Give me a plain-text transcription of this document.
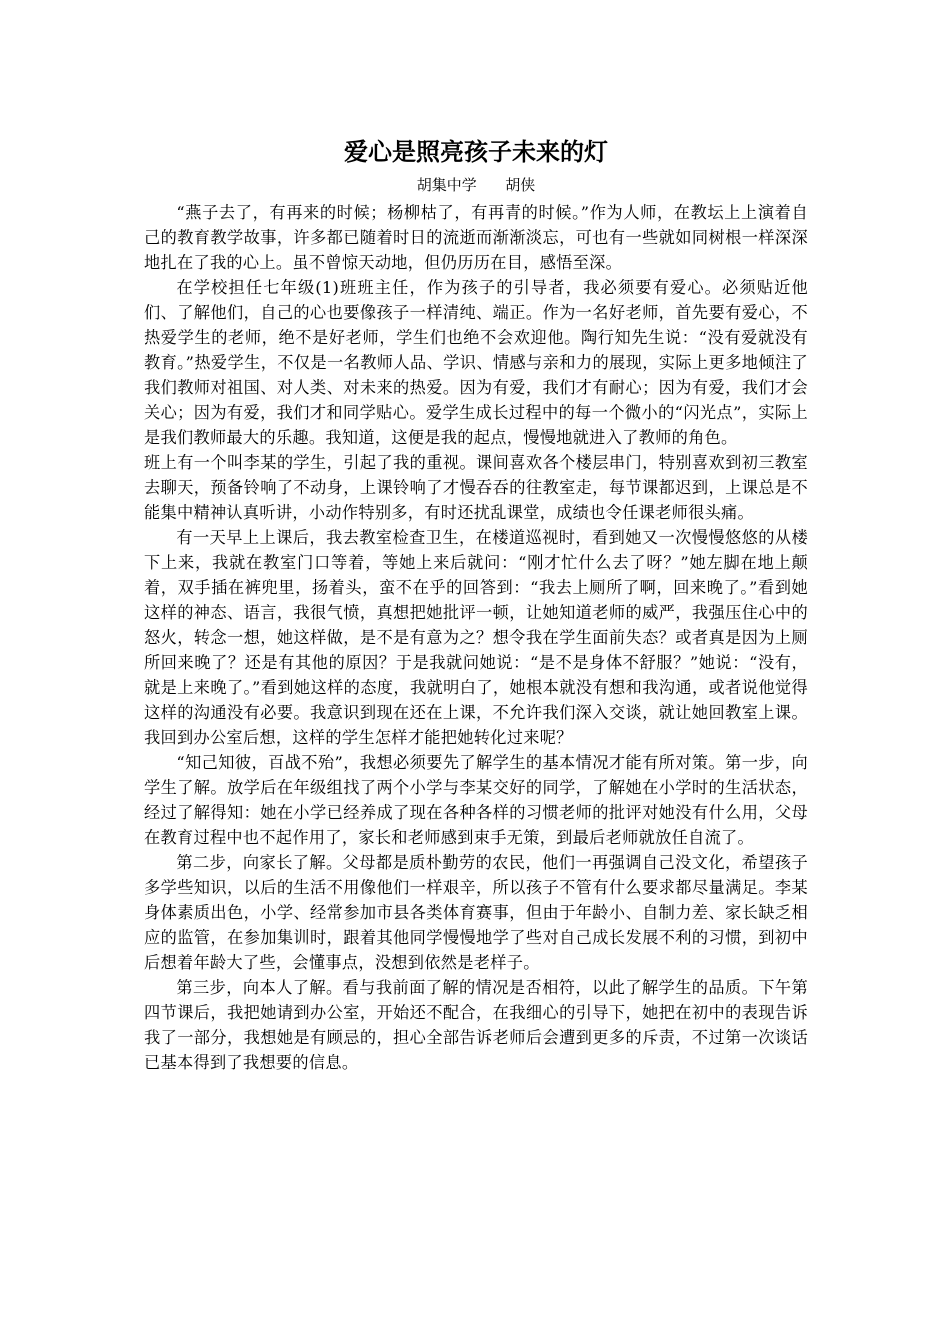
爱心是照亮孩子未来的灯
胡集中学      胡侠

“燕子去了，有再来的时候；杨柳枯了，有再青的时候。”作为人师，在教坛上上演着自己的教育教学故事，许多都已随着时日的流逝而渐渐淡忘，可也有一些就如同树根一样深深地扎在了我的心上。虽不曾惊天动地，但仍历历在目，感悟至深。

在学校担任七年级(1)班班主任，作为孩子的引导者，我必须要有爱心。必须贴近他们、了解他们，自己的心也要像孩子一样清纯、端正。作为一名好老师，首先要有爱心，不热爱学生的老师，绝不是好老师，学生们也绝不会欢迎他。陶行知先生说：“没有爱就没有教育。”热爱学生，不仅是一名教师人品、学识、情感与亲和力的展现，实际上更多地倾注了我们教师对祖国、对人类、对未来的热爱。因为有爱，我们才有耐心；因为有爱，我们才会关心；因为有爱，我们才和同学贴心。爱学生成长过程中的每一个微小的“闪光点”，实际上是我们教师最大的乐趣。我知道，这便是我的起点，慢慢地就进入了教师的角色。

班上有一个叫李某的学生，引起了我的重视。课间喜欢各个楼层串门，特别喜欢到初三教室去聊天，预备铃响了不动身，上课铃响了才慢吞吞的往教室走，每节课都迟到，上课总是不能集中精神认真听讲，小动作特别多，有时还扰乱课堂，成绩也令任课老师很头痛。

有一天早上上课后，我去教室检查卫生，在楼道巡视时，看到她又一次慢慢悠悠的从楼下上来，我就在教室门口等着，等她上来后就问：“刚才忙什么去了呀？”她左脚在地上颠着，双手插在裤兜里，扬着头，蛮不在乎的回答到：“我去上厕所了啊，回来晚了。”看到她这样的神态、语言，我很气愤，真想把她批评一顿，让她知道老师的威严，我强压住心中的怒火，转念一想，她这样做，是不是有意为之？想令我在学生面前失态？或者真是因为上厕所回来晚了？还是有其他的原因？于是我就问她说：“是不是身体不舒服？”她说：“没有，就是上来晚了。”看到她这样的态度，我就明白了，她根本就没有想和我沟通，或者说他觉得这样的沟通没有必要。我意识到现在还在上课，不允许我们深入交谈，就让她回教室上课。我回到办公室后想，这样的学生怎样才能把她转化过来呢？

“知己知彼，百战不殆”，我想必须要先了解学生的基本情况才能有所对策。第一步，向学生了解。放学后在年级组找了两个小学与李某交好的同学，了解她在小学时的生活状态，经过了解得知：她在小学已经养成了现在各种各样的习惯老师的批评对她没有什么用，父母在教育过程中也不起作用了，家长和老师感到束手无策，到最后老师就放任自流了。

第二步，向家长了解。父母都是质朴勤劳的农民，他们一再强调自己没文化，希望孩子多学些知识，以后的生活不用像他们一样艰辛，所以孩子不管有什么要求都尽量满足。李某身体素质出色，小学、经常参加市县各类体育赛事，但由于年龄小、自制力差、家长缺乏相应的监管，在参加集训时，跟着其他同学慢慢地学了些对自己成长发展不利的习惯，到初中后想着年龄大了些，会懂事点，没想到依然是老样子。

第三步，向本人了解。看与我前面了解的情况是否相符，以此了解学生的品质。下午第四节课后，我把她请到办公室，开始还不配合，在我细心的引导下，她把在初中的表现告诉我了一部分，我想她是有顾忌的，担心全部告诉老师后会遭到更多的斥责，不过第一次谈话已基本得到了我想要的信息。
